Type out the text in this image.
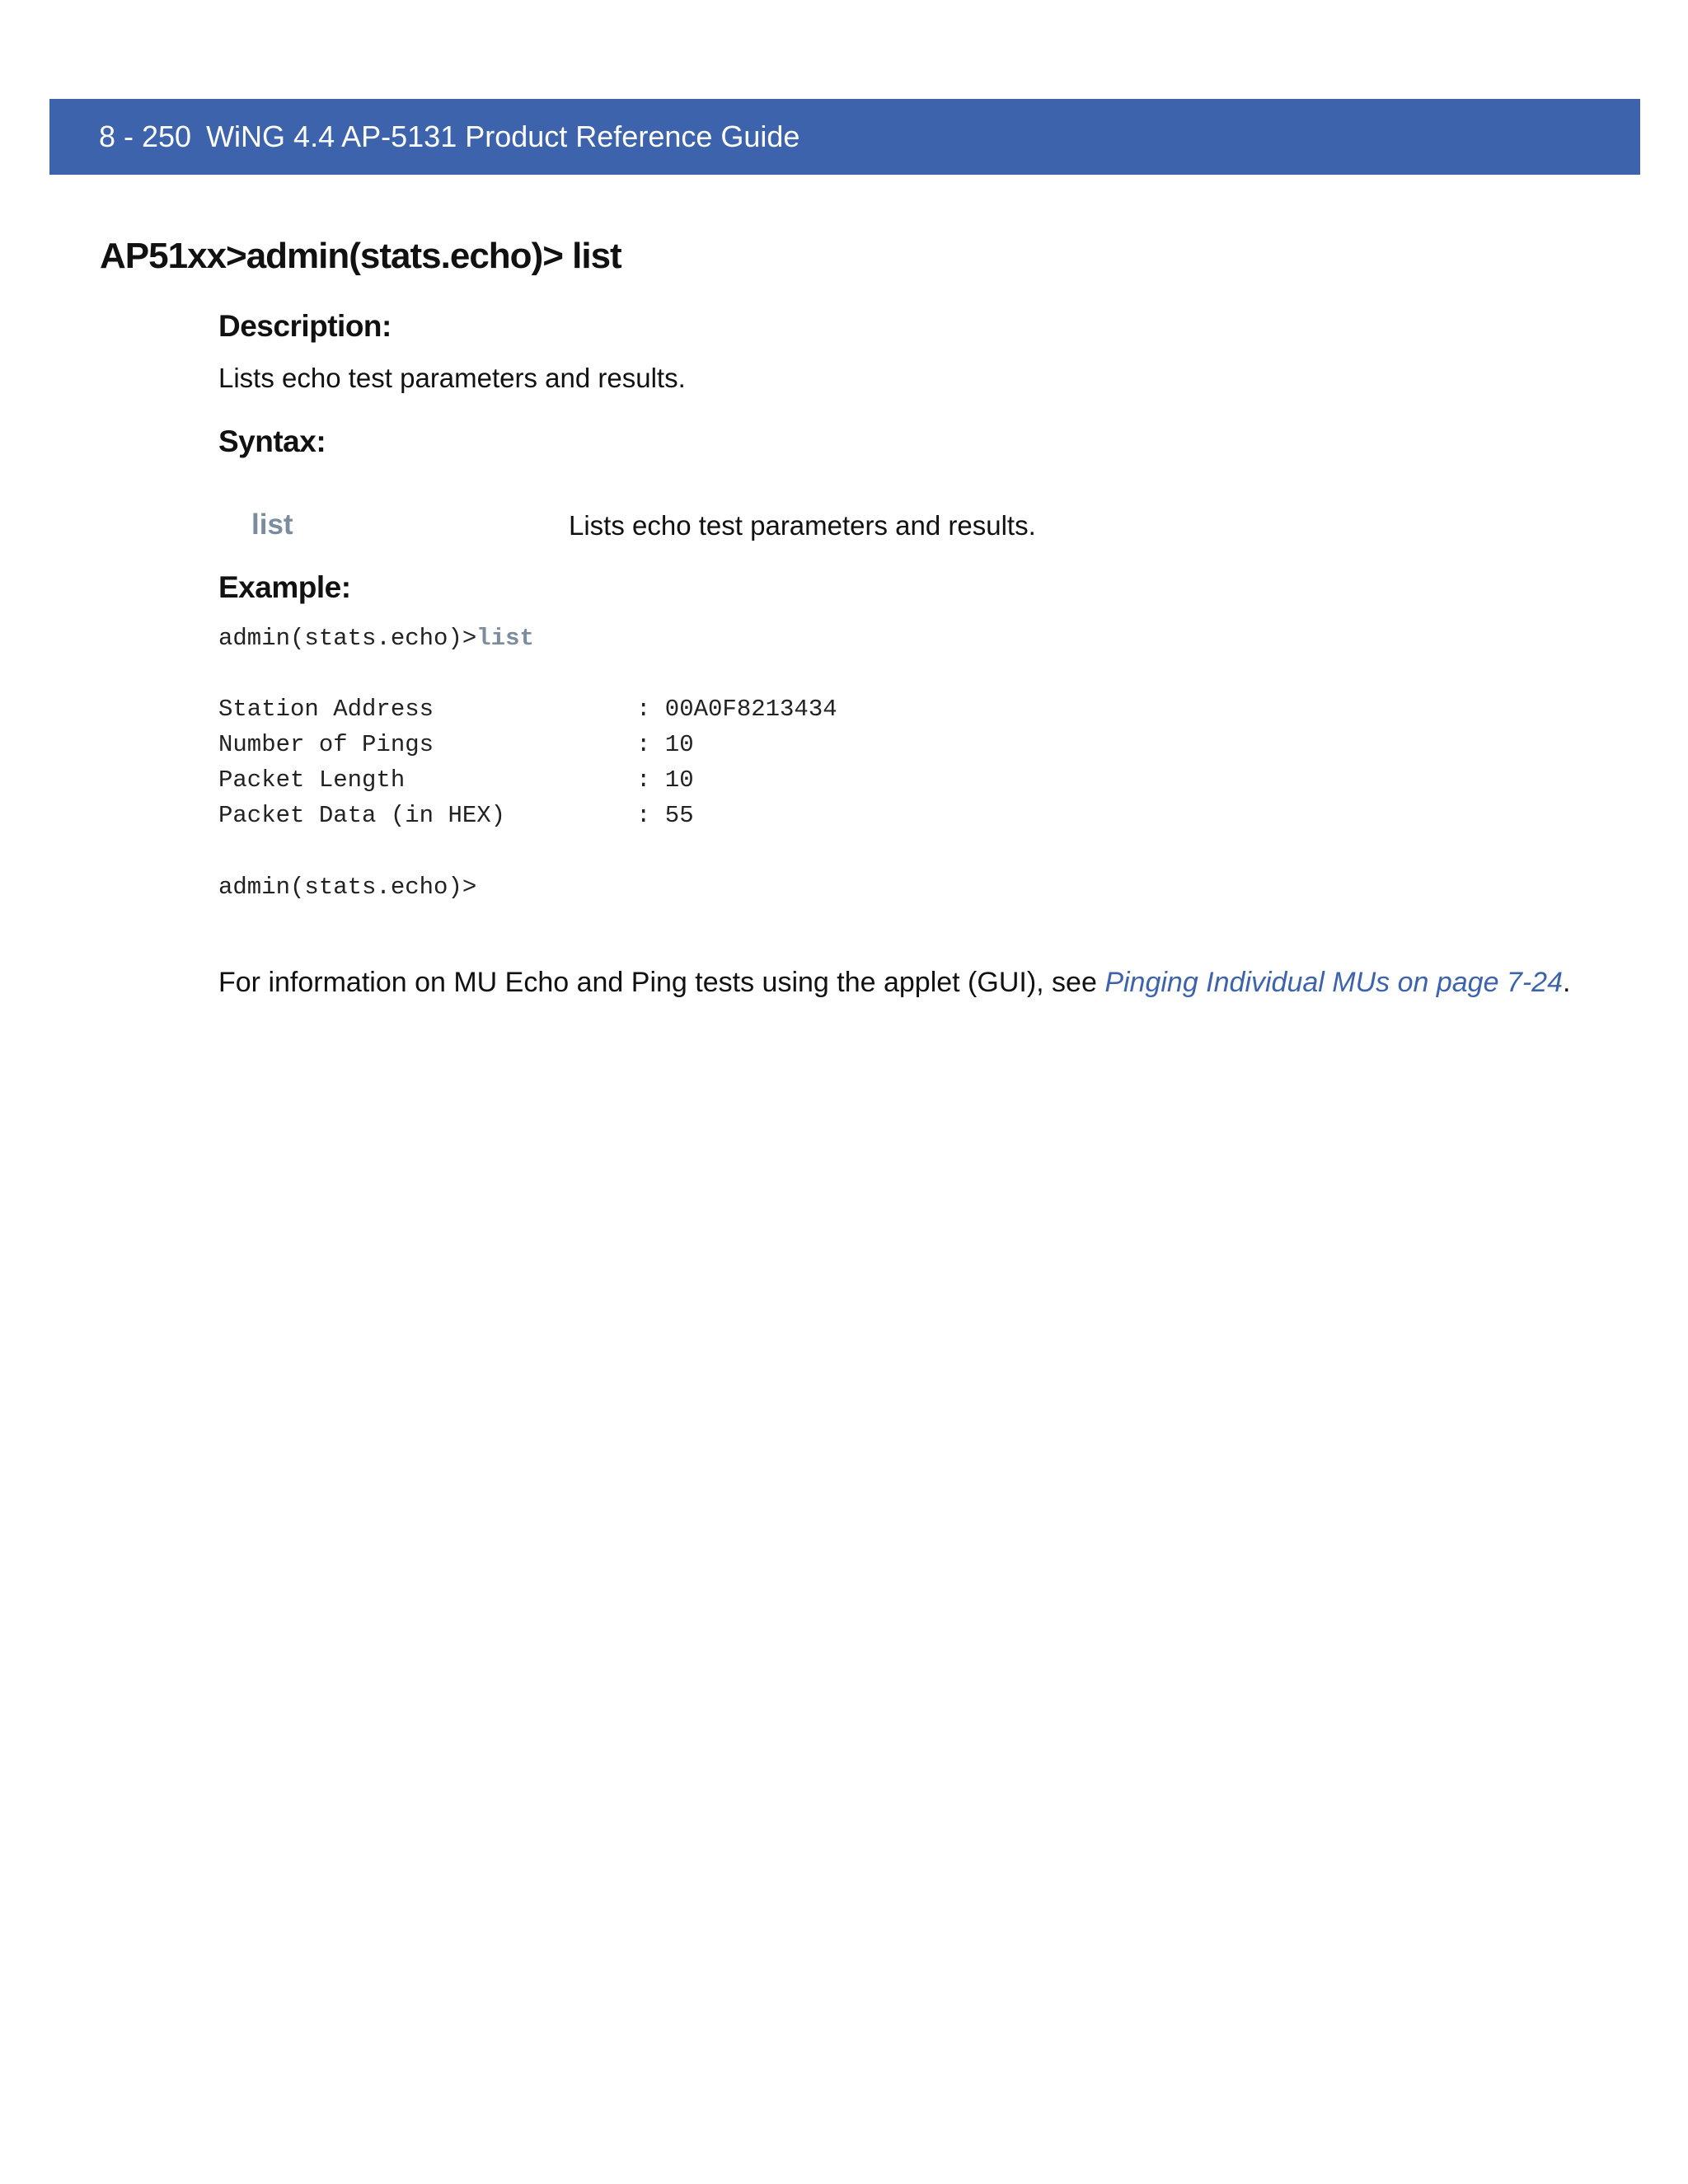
8 - 250 WiNG 4.4 AP-5131 Product Reference Guide
AP51xx>admin(stats.echo)> list
Description:
Lists echo test parameters and results.
Syntax:
list	Lists echo test parameters and results.
Example:
admin(stats.echo)>list
Station Address	: 00A0F8213434
Number of Pings	: 10
Packet Length	: 10
Packet Data (in HEX)	: 55
admin(stats.echo)>
For information on MU Echo and Ping tests using the applet (GUI), see Pinging Individual MUs on page 7-24.
